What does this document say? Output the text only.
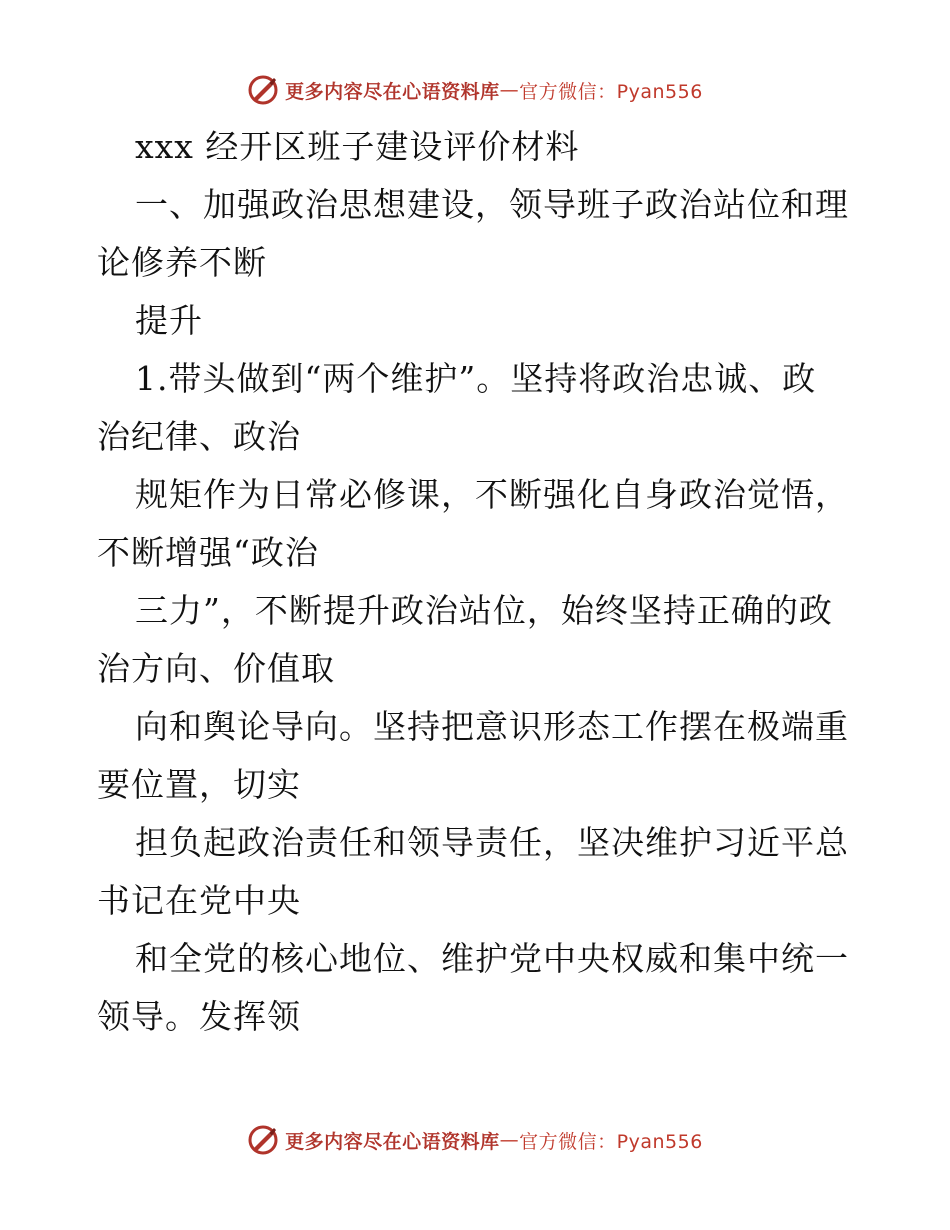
更多内容尽在心语资料库 — 官方微信：Pyan556
xxx 经开区班子建设评价材料
一、加强政治思想建设，领导班子政治站位和理
论修养不断
提升
1.带头做到“两个维护”。坚持将政治忠诚、政
治纪律、政治
规矩作为日常必修课，不断强化自身政治觉悟，
不断增强“政治
三力”，不断提升政治站位，始终坚持正确的政
治方向、价值取
向和舆论导向。坚持把意识形态工作摆在极端重
要位置，切实
担负起政治责任和领导责任，坚决维护习近平总
书记在党中央
和全党的核心地位、维护党中央权威和集中统一
领导。发挥领
更多内容尽在心语资料库 — 官方微信：Pyan556
